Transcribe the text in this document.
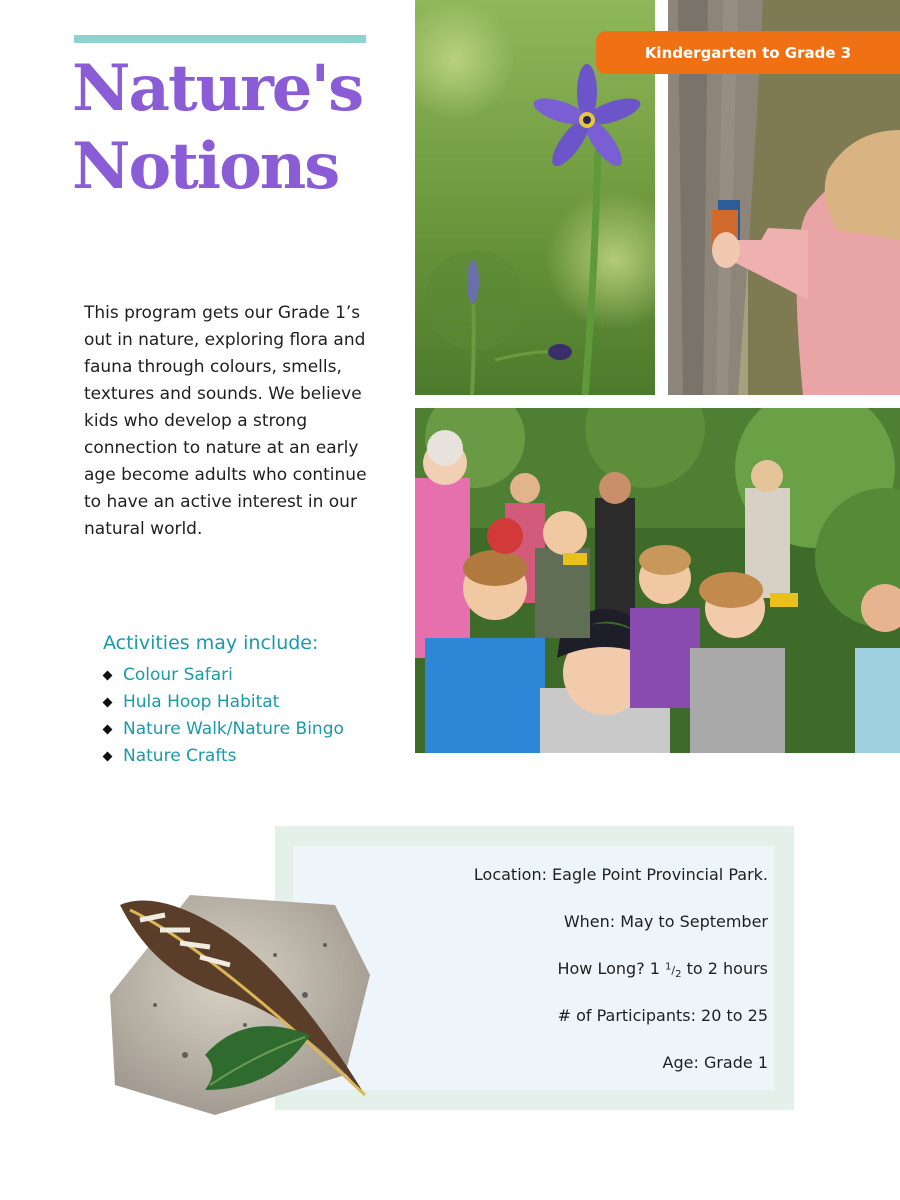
Nature's
Notions

This program gets our Grade 1’s out in nature, exploring flora and fauna through colours, smells, textures and sounds. We believe kids who develop a strong connection to nature at an early age become adults who continue to have an active interest in our natural world.

Activities may include:
Colour Safari
Hula Hoop Habitat
Nature Walk/Nature Bingo
Nature Crafts
Kindergarten to Grade 3

Location: Eagle Point Provincial Park.

When: May to September

How Long? 1 $^1/_2$ to 2 hours

# of Participants: 20 to 25

Age: Grade 1
